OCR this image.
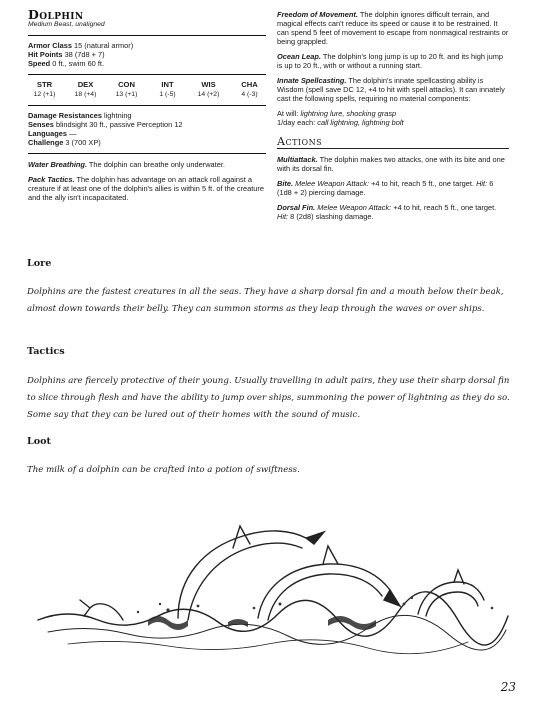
Dolphin
Medium Beast, unaligned

Armor Class 15 (natural armor)

Hit Points 38 (7d8 + 7)

Speed 0 ft., swim 60 ft.

STR
12 (+1)
DEX
18 (+4)
CON
13 (+1)
INT
1 (-5)
WIS
14 (+2)
CHA
4 (-3)

Damage Resistances lightning

Senses blindsight 30 ft., passive Perception 12

Languages —

Challenge 3 (700 XP)

Water Breathing. The dolphin can breathe only underwater.

Pack Tactics. The dolphin has advantage on an attack roll against a creature if at least one of the dolphin's allies is within 5 ft. of the creature and the ally isn't incapacitated.

Freedom of Movement. The dolphin ignores difficult terrain, and magical effects can't reduce its speed or cause it to be restrained. It can spend 5 feet of movement to escape from nonmagical restraints or being grappled.

Ocean Leap. The dolphin's long jump is up to 20 ft. and its high jump is up to 20 ft., with or without a running start.

Innate Spellcasting. The dolphin's innate spellcasting ability is Wisdom (spell save DC 12, +4 to hit with spell attacks). It can innately cast the following spells, requiring no material components:

At will: lightning lure, shocking grasp

1/day each: call lightning, lightning bolt

Actions

Multiattack. The dolphin makes two attacks, one with its bite and one with its dorsal fin.

Bite. Melee Weapon Attack: +4 to hit, reach 5 ft., one target. Hit: 6 (1d8 + 2) piercing damage.

Dorsal Fin. Melee Weapon Attack: +4 to hit, reach 5 ft., one target. Hit: 8 (2d8) slashing damage.

Lore
Dolphins are the fastest creatures in all the seas. They have a sharp dorsal fin and a mouth below their beak, almost down towards their belly. They can summon storms as they leap through the waves or over ships.
Tactics
Dolphins are fiercely protective of their young. Usually travelling in adult pairs, they use their sharp dorsal fin to slice through flesh and have the ability to jump over ships, summoning the power of lightning as they do so. Some say that they can be lured out of their homes with the sound of music.
Loot
The milk of a dolphin can be crafted into a potion of swiftness.
23
